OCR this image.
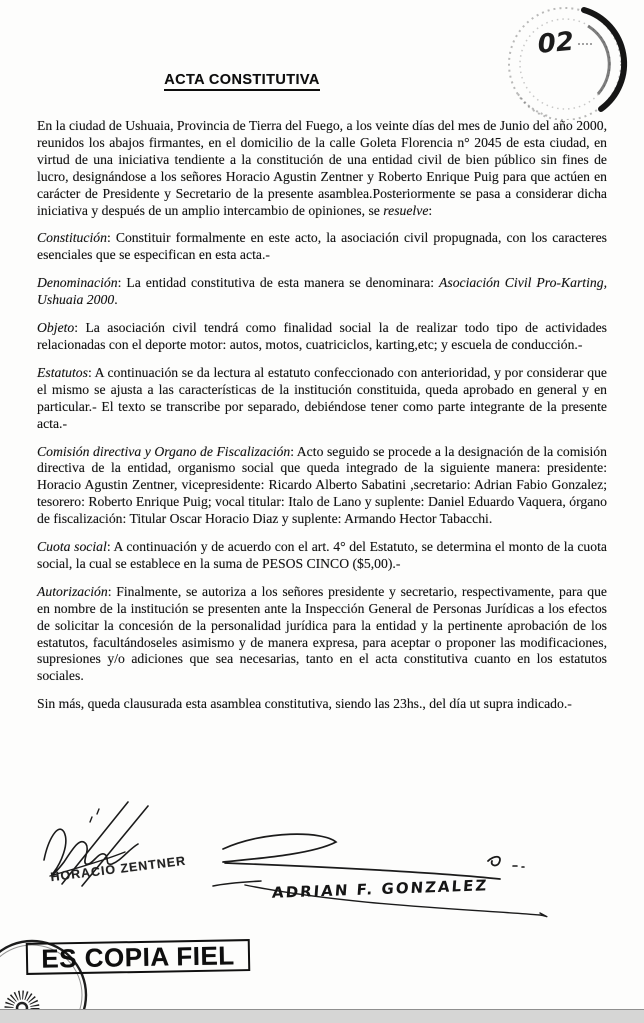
02
ACTA CONSTITUTIVA

En la ciudad de Ushuaia, Provincia de Tierra del Fuego, a los veinte días del mes de Junio del año 2000, reunidos los abajos firmantes, en el domicilio de la calle Goleta Florencia n° 2045 de esta ciudad, en virtud de una iniciativa tendiente a la constitución de una entidad civil de bien público sin fines de lucro, designándose a los señores Horacio Agustin Zentner y Roberto Enrique Puig para que actúen en carácter de Presidente y Secretario de la presente asamblea.Posteriormente se pasa a considerar dicha iniciativa y después de un amplio intercambio de opiniones, se resuelve:

Constitución: Constituir formalmente en este acto, la asociación civil propugnada, con los caracteres esenciales que se especifican en esta acta.-

Denominación: La entidad constitutiva de esta manera se denominara: Asociación Civil Pro-Karting, Ushuaia 2000.

Objeto: La asociación civil tendrá como finalidad social la de realizar todo tipo de actividades relacionadas con el deporte motor: autos, motos, cuatriciclos, karting,etc; y escuela de conducción.-

Estatutos: A continuación se da lectura al estatuto confeccionado con anterioridad, y por considerar que el mismo se ajusta a las características de la institución constituida, queda aprobado en general y en particular.- El texto se transcribe por separado, debiéndose tener como parte integrante de la presente acta.-

Comisión directiva y Organo de Fiscalización: Acto seguido se procede a la designación de la comisión directiva de la entidad, organismo social que queda integrado de la siguiente manera: presidente: Horacio Agustin Zentner, vicepresidente: Ricardo Alberto Sabatini ,secretario: Adrian Fabio Gonzalez; tesorero: Roberto Enrique Puig; vocal titular: Italo de Lano y suplente: Daniel Eduardo Vaquera, órgano de fiscalización: Titular Oscar Horacio Diaz y suplente: Armando Hector Tabacchi.

Cuota social: A continuación y de acuerdo con el art. 4° del Estatuto, se determina el monto de la cuota social, la cual se establece en la suma de PESOS CINCO ($5,00).-

Autorización: Finalmente, se autoriza a los señores presidente y secretario, respectivamente, para que en nombre de la institución se presenten ante la Inspección General de Personas Jurídicas a los efectos de solicitar la concesión de la personalidad jurídica para la entidad y la pertinente aprobación de los estatutos, facultándoseles asimismo y de manera expresa, para aceptar o proponer las modificaciones, supresiones y/o adiciones que sea necesarias, tanto en el acta constitutiva cuanto en los estatutos sociales.

Sin más, queda clausurada esta asamblea constitutiva, siendo las 23hs., del día ut supra indicado.-

HORACIO ZENTNER
ADRIAN F. GONZALEZ
ES COPIA FIEL
